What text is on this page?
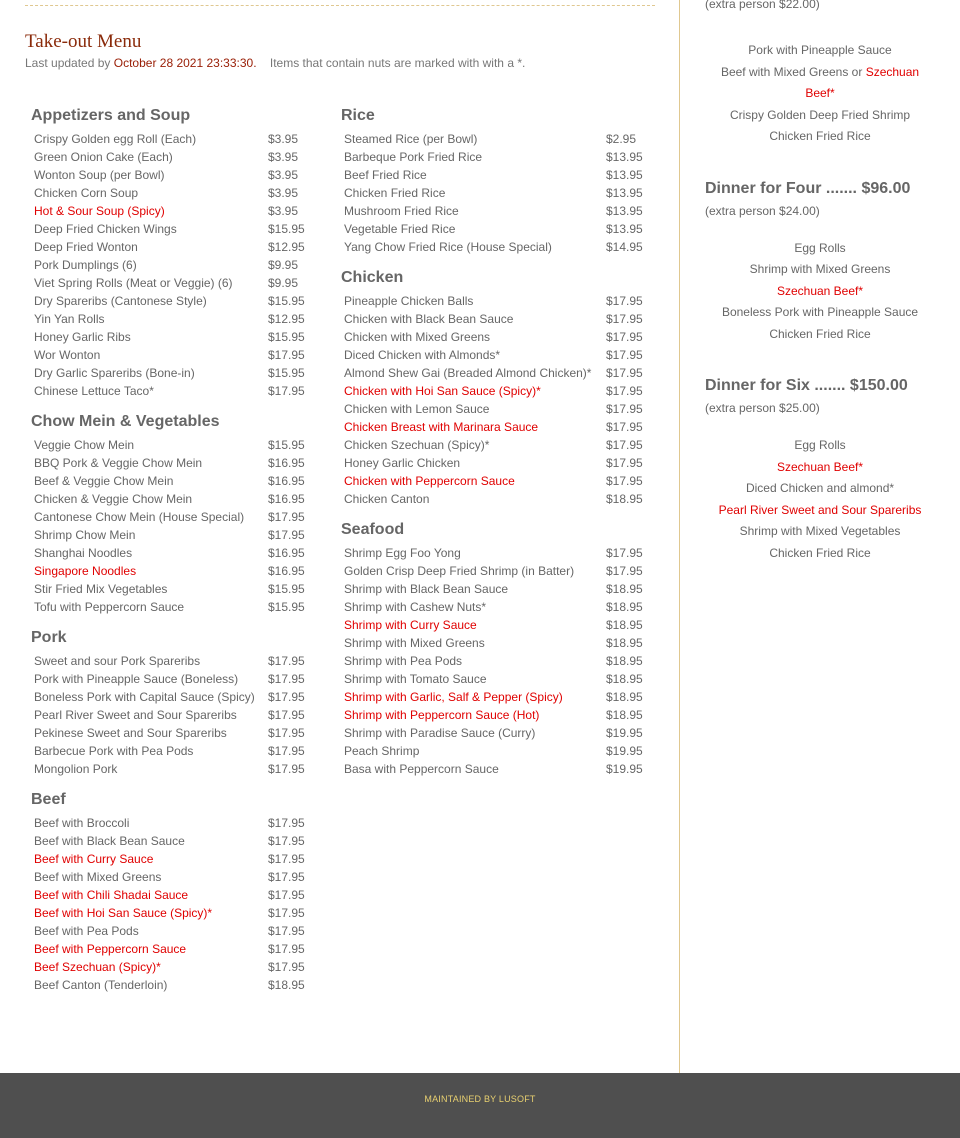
Take-out Menu
Last updated by October 28 2021 23:33:30. Items that contain nuts are marked with with a *.
Appetizers and Soup
Crispy Golden egg Roll (Each)	$3.95
Green Onion Cake (Each)	$3.95
Wonton Soup (per Bowl)	$3.95
Chicken Corn Soup	$3.95
Hot & Sour Soup (Spicy)	$3.95
Deep Fried Chicken Wings	$15.95
Deep Fried Wonton	$12.95
Pork Dumplings (6)	$9.95
Viet Spring Rolls (Meat or Veggie) (6)	$9.95
Dry Spareribs (Cantonese Style)	$15.95
Yin Yan Rolls	$12.95
Honey Garlic Ribs	$15.95
Wor Wonton	$17.95
Dry Garlic Spareribs (Bone-in)	$15.95
Chinese Lettuce Taco*	$17.95
Chow Mein & Vegetables
Veggie Chow Mein	$15.95
BBQ Pork & Veggie Chow Mein	$16.95
Beef & Veggie Chow Mein	$16.95
Chicken & Veggie Chow Mein	$16.95
Cantonese Chow Mein (House Special)	$17.95
Shrimp Chow Mein	$17.95
Shanghai Noodles	$16.95
Singapore Noodles	$16.95
Stir Fried Mix Vegetables	$15.95
Tofu with Peppercorn Sauce	$15.95
Pork
Sweet and sour Pork Spareribs	$17.95
Pork with Pineapple Sauce (Boneless)	$17.95
Boneless Pork with Capital Sauce (Spicy)	$17.95
Pearl River Sweet and Sour Spareribs	$17.95
Pekinese Sweet and Sour Spareribs	$17.95
Barbecue Pork with Pea Pods	$17.95
Mongolion Pork	$17.95
Beef
Beef with Broccoli	$17.95
Beef with Black Bean Sauce	$17.95
Beef with Curry Sauce	$17.95
Beef with Mixed Greens	$17.95
Beef with Chili Shadai Sauce	$17.95
Beef with Hoi San Sauce (Spicy)*	$17.95
Beef with Pea Pods	$17.95
Beef with Peppercorn Sauce	$17.95
Beef Szechuan (Spicy)*	$17.95
Beef Canton (Tenderloin)	$18.95
Rice
Steamed Rice (per Bowl)	$2.95
Barbeque Pork Fried Rice	$13.95
Beef Fried Rice	$13.95
Chicken Fried Rice	$13.95
Mushroom Fried Rice	$13.95
Vegetable Fried Rice	$13.95
Yang Chow Fried Rice (House Special)	$14.95
Chicken
Pineapple Chicken Balls	$17.95
Chicken with Black Bean Sauce	$17.95
Chicken with Mixed Greens	$17.95
Diced Chicken with Almonds*	$17.95
Almond Shew Gai (Breaded Almond Chicken)*	$17.95
Chicken with Hoi San Sauce (Spicy)*	$17.95
Chicken with Lemon Sauce	$17.95
Chicken Breast with Marinara Sauce	$17.95
Chicken Szechuan (Spicy)*	$17.95
Honey Garlic Chicken	$17.95
Chicken with Peppercorn Sauce	$17.95
Chicken Canton	$18.95
Seafood
Shrimp Egg Foo Yong	$17.95
Golden Crisp Deep Fried Shrimp (in Batter)	$17.95
Shrimp with Black Bean Sauce	$18.95
Shrimp with Cashew Nuts*	$18.95
Shrimp with Curry Sauce	$18.95
Shrimp with Mixed Greens	$18.95
Shrimp with Pea Pods	$18.95
Shrimp with Tomato Sauce	$18.95
Shrimp with Garlic, Salf & Pepper (Spicy)	$18.95
Shrimp with Peppercorn Sauce (Hot)	$18.95
Shrimp with Paradise Sauce (Curry)	$19.95
Peach Shrimp	$19.95
Basa with Peppercorn Sauce	$19.95
(extra person $22.00)
Pork with Pineapple Sauce
Beef with Mixed Greens or Szechuan
Beef*
Crispy Golden Deep Fried Shrimp
Chicken Fried Rice
Dinner for Four ....... $96.00
(extra person $24.00)
Egg Rolls
Shrimp with Mixed Greens
Szechuan Beef*
Boneless Pork with Pineapple Sauce
Chicken Fried Rice
Dinner for Six ....... $150.00
(extra person $25.00)
Egg Rolls
Szechuan Beef*
Diced Chicken and almond*
Pearl River Sweet and Sour Spareribs
Shrimp with Mixed Vegetables
Chicken Fried Rice
MAINTAINED BY LUSOFT
